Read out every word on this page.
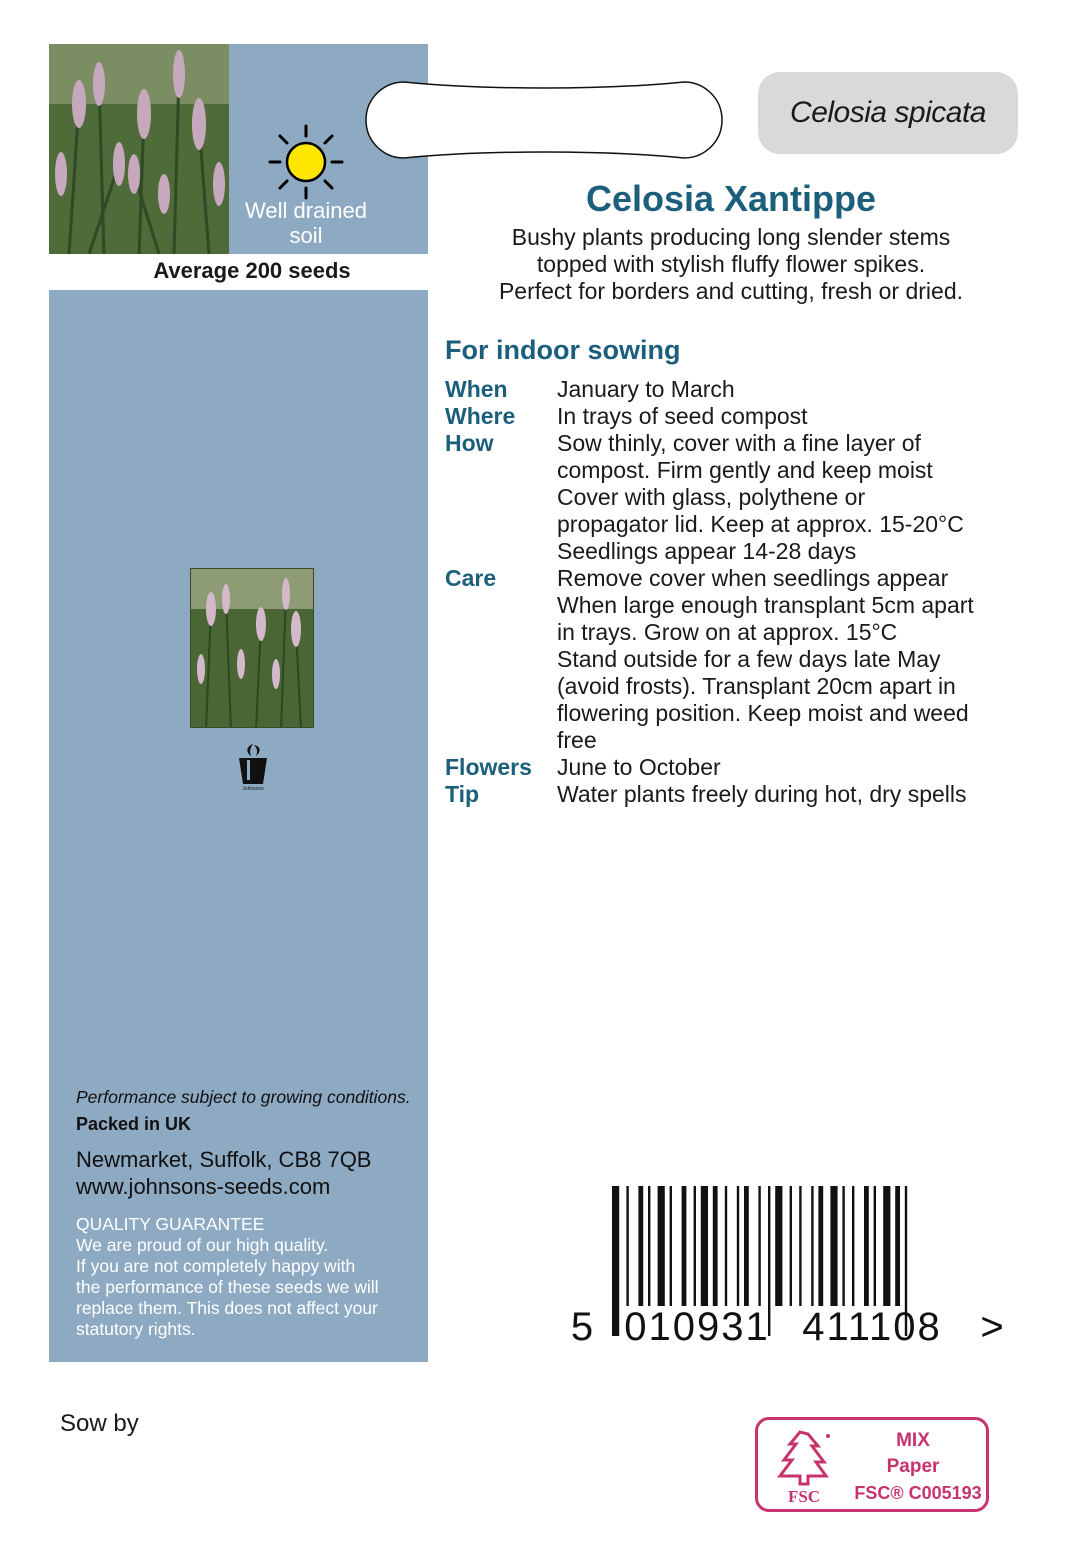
Well drained
soil
Average 200 seeds
Johnsons
Performance subject to growing conditions.
Packed in UK
Newmarket, Suffolk, CB8 7QB
www.johnsons-seeds.com
QUALITY GUARANTEE
We are proud of our high quality.
If you are not completely happy with
the performance of these seeds we will
replace them. This does not affect your
statutory rights.
Celosia spicata
Celosia Xantippe
Bushy plants producing long slender stems
topped with stylish fluffy flower spikes.
Perfect for borders and cutting, fresh or dried.
For indoor sowing
When	January to March
Where	In trays of seed compost
How	Sow thinly, cover with a fine layer of
compost. Firm gently and keep moist
Cover with glass, polythene or
propagator lid. Keep at approx. 15-20°C
Seedlings appear 14-28 days
Care	Remove cover when seedlings appear
When large enough transplant 5cm apart
in trays. Grow on at approx. 15°C
Stand outside for a few days late May
(avoid frosts). Transplant 20cm apart in
flowering position. Keep moist and weed
free
Flowers	June to October
Tip	Water plants freely during hot, dry spells
5 010931 411108 >
Sow by
FSC
MIX
Paper
FSC® C005193
